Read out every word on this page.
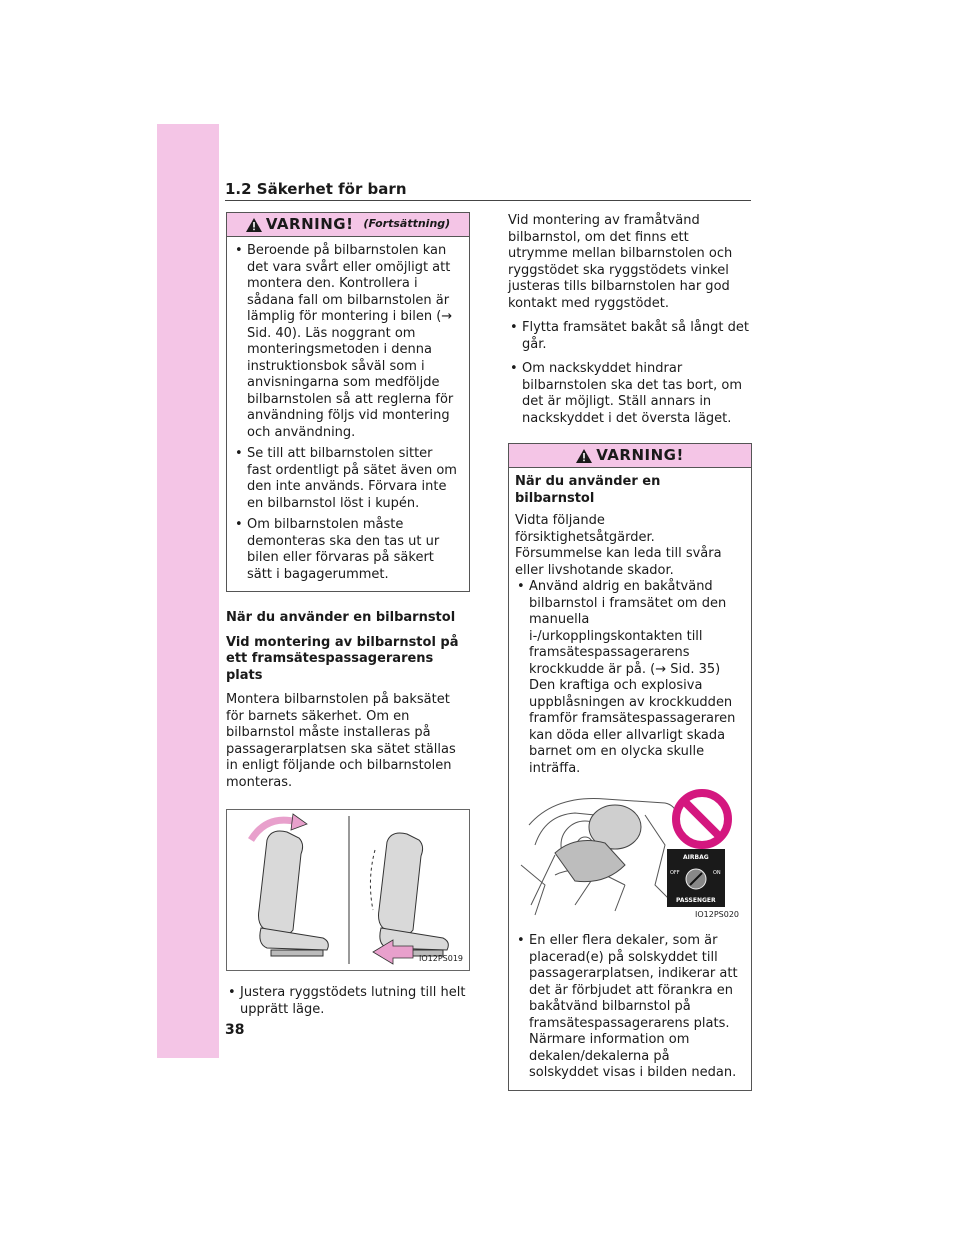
1.2 Säkerhet för barn
VARNING! (Fortsättning)

• Beroende på bilbarnstolen kan det vara svårt eller omöjligt att montera den. Kontrollera i sådana fall om bilbarnstolen är lämplig för montering i bilen (→ Sid. 40). Läs noggrant om monteringsmetoden i denna instruktionsbok såväl som i anvisningarna som medföljde bilbarnstolen så att reglerna för användning följs vid montering och användning.

• Se till att bilbarnstolen sitter fast ordentligt på sätet även om den inte används. Förvara inte en bilbarnstol löst i kupén.

• Om bilbarnstolen måste demonteras ska den tas ut ur bilen eller förvaras på säkert sätt i bagagerummet.

När du använder en bilbarnstol

Vid montering av bilbarnstol på ett framsätespassagerarens plats

Montera bilbarnstolen på baksätet för barnets säkerhet. Om en bilbarnstol måste installeras på passagerarplatsen ska sätet ställas in enligt följande och bilbarnstolen monteras.

IO12PS019

• Justera ryggstödets lutning till helt upprätt läge.

Vid montering av framåtvänd bilbarnstol, om det finns ett utrymme mellan bilbarnstolen och ryggstödet ska ryggstödets vinkel justeras tills bilbarnstolen har god kontakt med ryggstödet.

• Flytta framsätet bakåt så långt det går.

• Om nackskyddet hindrar bilbarnstolen ska det tas bort, om det är möjligt. Ställ annars in nackskyddet i det översta läget.

VARNING!

När du använder en bilbarnstol

Vidta följande försiktighetsåtgärder. Försummelse kan leda till svåra eller livshotande skador.

• Använd aldrig en bakåtvänd bilbarnstol i framsätet om den manuella i-/urkopplingskontakten till framsätespassagerarens krockkudde är på. (→ Sid. 35) Den kraftiga och explosiva uppblåsningen av krockkudden framför framsätespassageraren kan döda eller allvarligt skada barnet om en olycka skulle inträffa.

AIRBAG
OFF	ON
PASSENGER
IO12PS020

• En eller flera dekaler, som är placerad(e) på solskyddet till passagerarplatsen, indikerar att det är förbjudet att förankra en bakåtvänd bilbarnstol på framsätespassagerarens plats. Närmare information om dekalen/dekalerna på solskyddet visas i bilden nedan.

38
